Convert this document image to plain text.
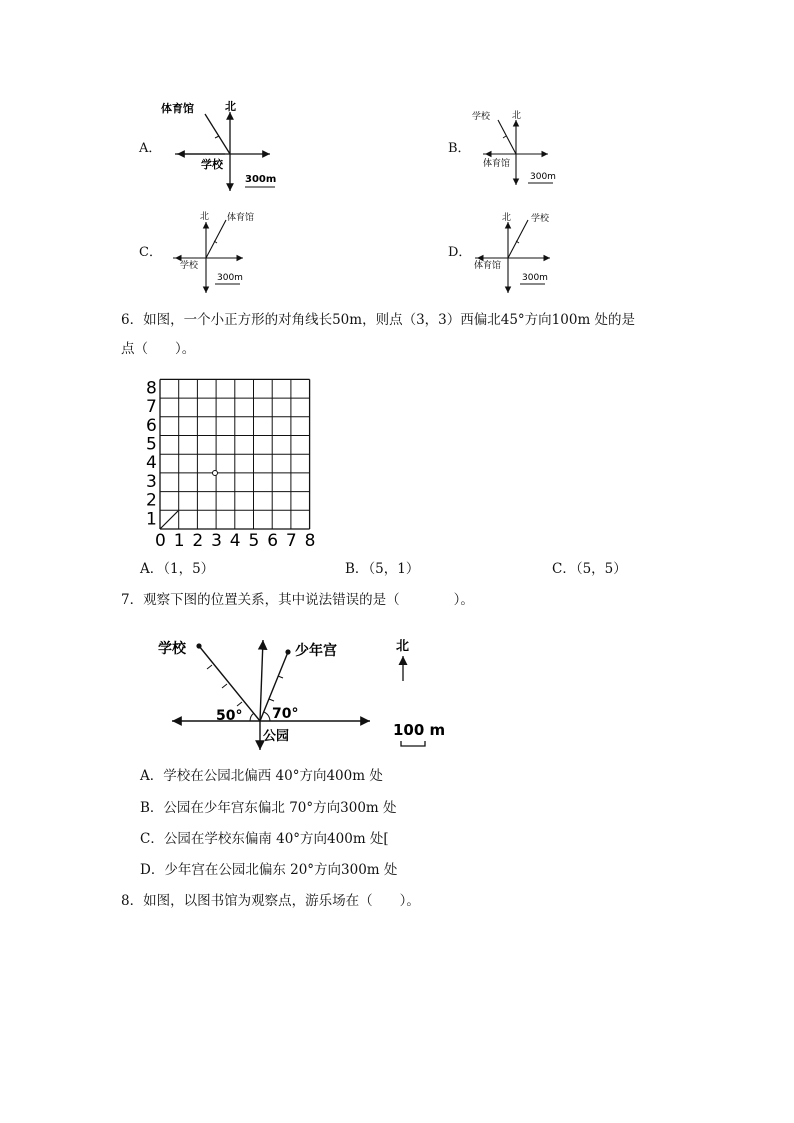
A．
体育馆	北
学校
300m
B．
学校 北
体育馆
300m
C．
体育馆
北
学校
300m
D．
学校
北
体育馆
300m
6．如图，一个小正方形的对角线长50m，则点（3，3）西偏北45°方向100m 处的是
点（　　）。
0 1
1
2
2
3
3
4
4
5
5
6
6
7
7
8
8
A．（1，5）	B．（5，1）	C．（5，5）
7．观察下图的位置关系，其中说法错误的是（　　　　）。
学校	少年宫
50° 70°
公园
北
100 m
A．学校在公园北偏西 40°方向400m 处
B．公园在少年宫东偏北 70°方向300m 处
C．公园在学校东偏南 40°方向400m 处[
D．少年宫在公园北偏东 20°方向300m 处
8．如图，以图书馆为观察点，游乐场在（　　）。
